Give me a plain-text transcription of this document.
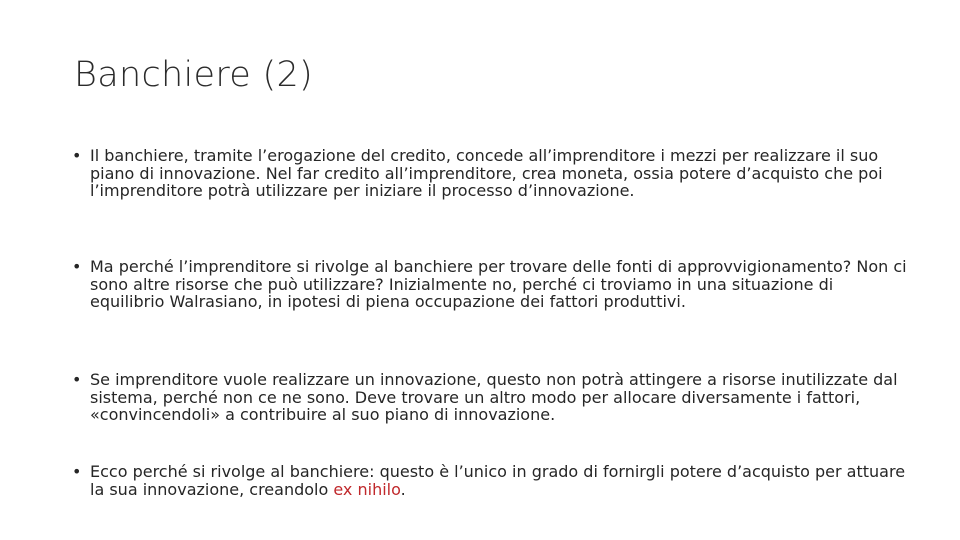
Banchiere (2)
• Il banchiere, tramite l’erogazione del credito, concede all’imprenditore i mezzi per realizzare il suo piano di innovazione. Nel far credito all’imprenditore, crea moneta, ossia potere d’acquisto che poi l’imprenditore potrà utilizzare per iniziare il processo d’innovazione.
• Ma perché l’imprenditore si rivolge al banchiere per trovare delle fonti di approvvigionamento? Non ci sono altre risorse che può utilizzare? Inizialmente no, perché ci troviamo in una situazione di equilibrio Walrasiano, in ipotesi di piena occupazione dei fattori produttivi.
• Se imprenditore vuole realizzare un innovazione, questo non potrà attingere a risorse inutilizzate dal sistema, perché non ce ne sono. Deve trovare un altro modo per allocare diversamente i fattori, «convincendoli» a contribuire al suo piano di innovazione.
• Ecco perché si rivolge al banchiere: questo è l’unico in grado di fornirgli potere d’acquisto per attuare la sua innovazione, creandolo ex nihilo.
